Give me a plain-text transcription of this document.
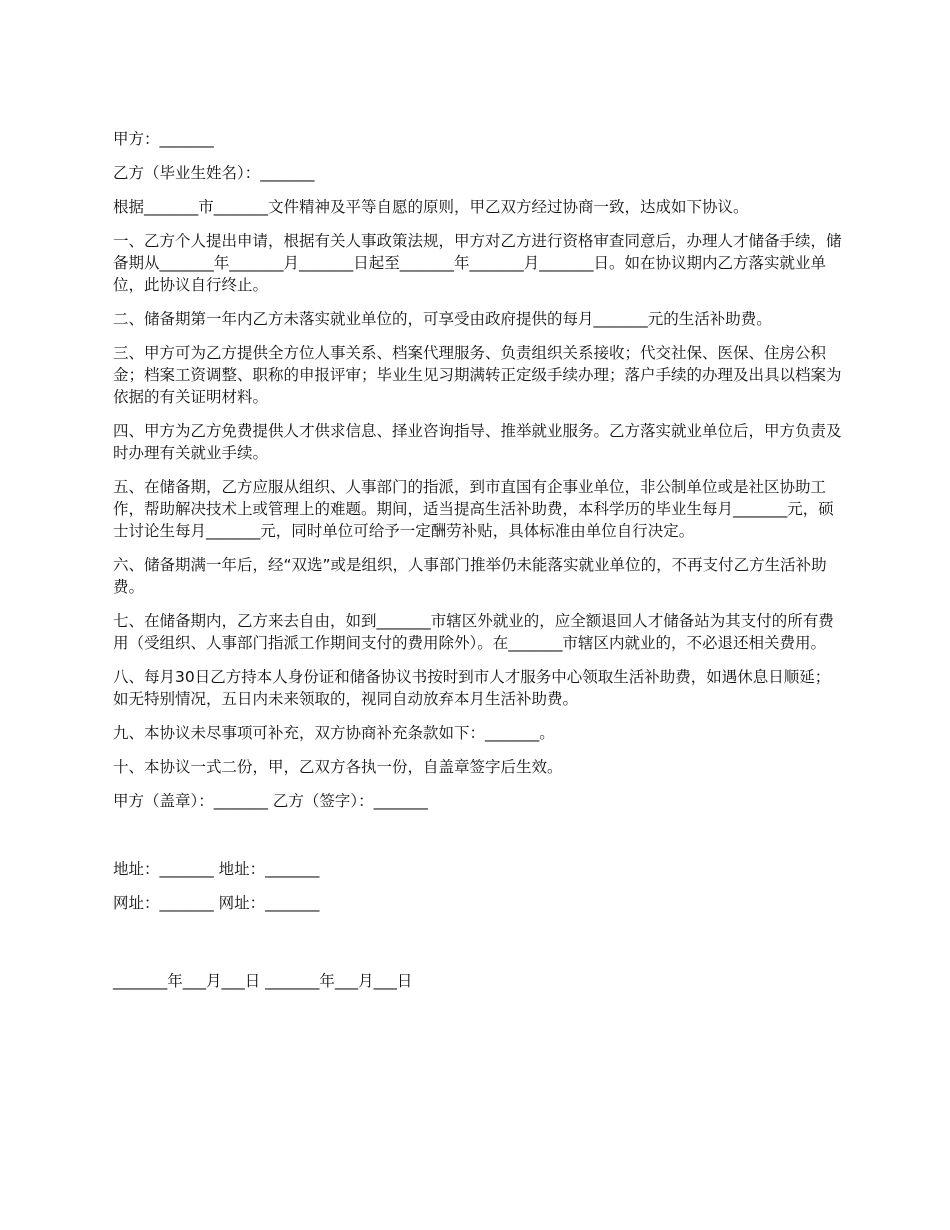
甲方：_______

乙方（毕业生姓名）：_______

根据_______市_______文件精神及平等自愿的原则，甲乙双方经过协商一致，达成如下协议。

一、乙方个人提出申请，根据有关人事政策法规，甲方对乙方进行资格审查同意后，办理人才储备手续，储备期从_______年_______月_______日起至_______年_______月_______日。如在协议期内乙方落实就业单位，此协议自行终止。

二、储备期第一年内乙方未落实就业单位的，可享受由政府提供的每月_______元的生活补助费。

三、甲方可为乙方提供全方位人事关系、档案代理服务、负责组织关系接收；代交社保、医保、住房公积金；档案工资调整、职称的申报评审；毕业生见习期满转正定级手续办理；落户手续的办理及出具以档案为依据的有关证明材料。

四、甲方为乙方免费提供人才供求信息、择业咨询指导、推举就业服务。乙方落实就业单位后，甲方负责及时办理有关就业手续。

五、在储备期，乙方应服从组织、人事部门的指派，到市直国有企事业单位，非公制单位或是社区协助工作，帮助解决技术上或管理上的难题。期间，适当提高生活补助费，本科学历的毕业生每月_______元，硕士讨论生每月_______元，同时单位可给予一定酬劳补贴，具体标准由单位自行决定。

六、储备期满一年后，经“双选”或是组织，人事部门推举仍未能落实就业单位的，不再支付乙方生活补助费。

七、在储备期内，乙方来去自由，如到_______市辖区外就业的，应全额退回人才储备站为其支付的所有费用（受组织、人事部门指派工作期间支付的费用除外）。在_______市辖区内就业的，不必退还相关费用。

八、每月30日乙方持本人身份证和储备协议书按时到市人才服务中心领取生活补助费，如遇休息日顺延；如无特别情况，五日内未来领取的，视同自动放弃本月生活补助费。

九、本协议未尽事项可补充，双方协商补充条款如下：_______。

十、本协议一式二份，甲，乙双方各执一份，自盖章签字后生效。

甲方（盖章）：_______ 乙方（签字）：_______

地址：_______ 地址：_______

网址：_______ 网址：_______

_______年___月___日 _______年___月___日
